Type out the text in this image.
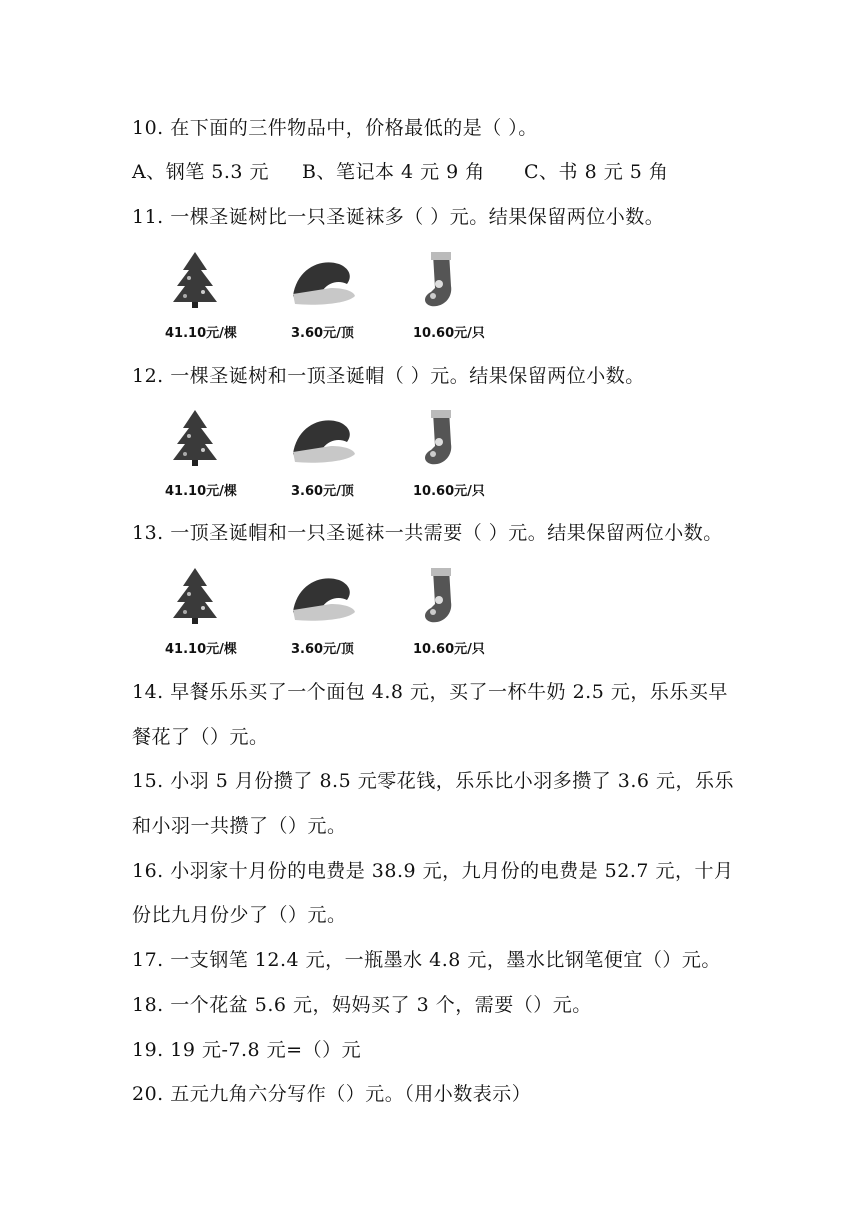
10. 在下面的三件物品中，价格最低的是（ ）。
A、钢笔 5.3 元 B、笔记本 4 元 9 角 C、书 8 元 5 角
11. 一棵圣诞树比一只圣诞袜多（ ）元。结果保留两位小数。
41.10元/棵	3.60元/顶	10.60元/只
12. 一棵圣诞树和一顶圣诞帽（ ）元。结果保留两位小数。
41.10元/棵	3.60元/顶	10.60元/只
13. 一顶圣诞帽和一只圣诞袜一共需要（ ）元。结果保留两位小数。
41.10元/棵	3.60元/顶	10.60元/只
14. 早餐乐乐买了一个面包 4.8 元，买了一杯牛奶 2.5 元，乐乐买早
餐花了（）元。
15. 小羽 5 月份攒了 8.5 元零花钱，乐乐比小羽多攒了 3.6 元，乐乐
和小羽一共攒了（）元。
16. 小羽家十月份的电费是 38.9 元，九月份的电费是 52.7 元，十月
份比九月份少了（）元。
17. 一支钢笔 12.4 元，一瓶墨水 4.8 元，墨水比钢笔便宜（）元。
18. 一个花盆 5.6 元，妈妈买了 3 个，需要（）元。
19. 19 元-7.8 元=（）元
20. 五元九角六分写作（）元。（用小数表示）
